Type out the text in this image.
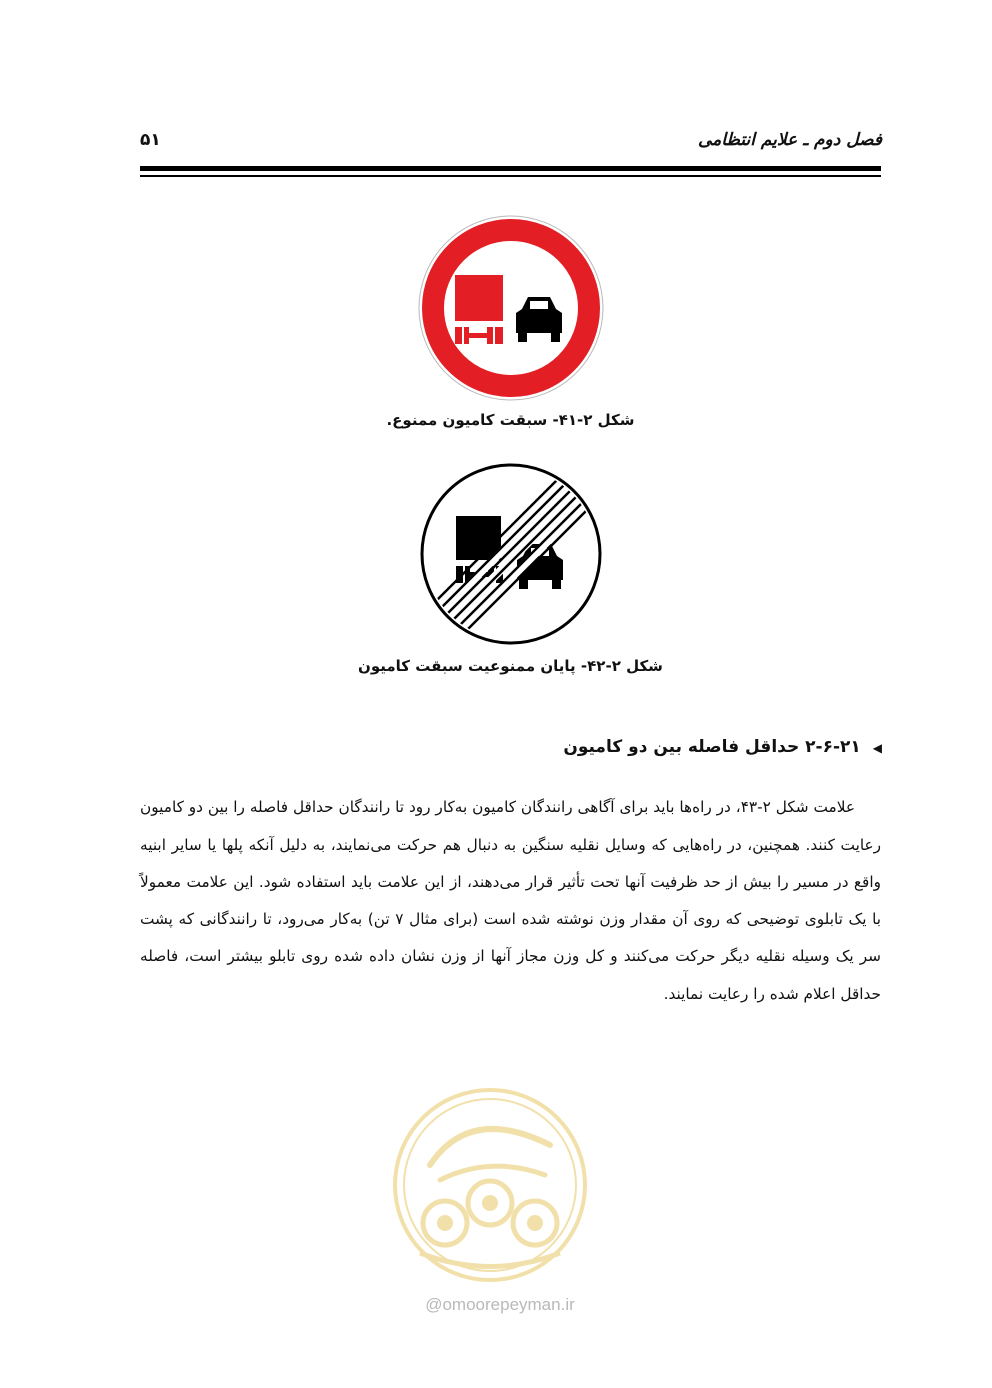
فصل دوم ـ علایم انتظامی
۵۱
شکل ۲-۴۱- سبقت کامیون ممنوع.
شکل ۲-۴۲- پایان ممنوعیت سبقت کامیون
◀۲-۶-۲۱ حداقل فاصله بین دو کامیون

علامت شکل ۲-۴۳، در راه‌ها باید برای آگاهی رانندگان کامیون به‌کار رود تا رانندگان حداقل فاصله را بین دو کامیون رعایت کنند. همچنین، در راه‌هایی که وسایل نقلیه سنگین به دنبال هم حرکت می‌نمایند، به دلیل آنکه پلها یا سایر ابنیه واقع در مسیر را بیش از حد ظرفیت آنها تحت تأثیر قرار می‌دهند، از این علامت باید استفاده شود. این علامت معمولاً با یک تابلوی توضیحی که روی آن مقدار وزن نوشته شده است (برای مثال ۷ تن) به‌کار می‌رود، تا رانندگانی که پشت سر یک وسیله نقلیه دیگر حرکت می‌کنند و کل وزن مجاز آنها از وزن نشان داده شده روی تابلو بیشتر است، فاصله حداقل اعلام شده را رعایت نمایند.

@omoorepeyman.ir
